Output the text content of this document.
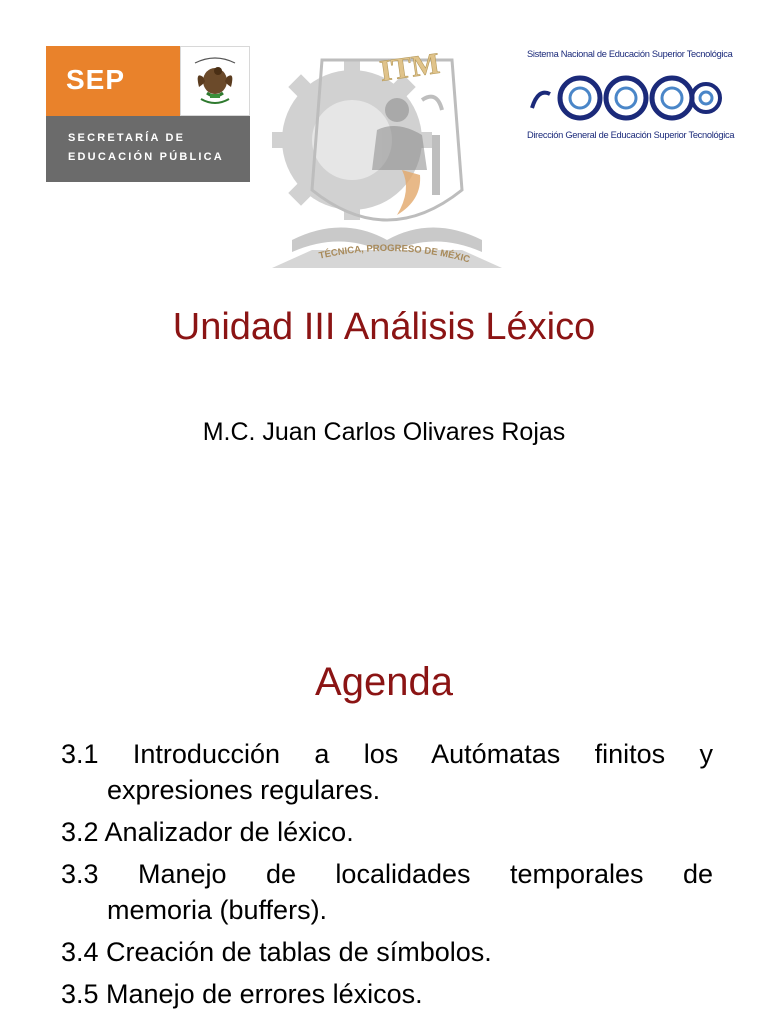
SEP
SECRETARÍA DE
EDUCACIÓN PÚBLICA
ITM
TÉCNICA, PROGRESO DE MÉXIC
Sistema Nacional de Educación Superior Tecnológica
Dirección General de Educación Superior Tecnológica
Unidad III Análisis Léxico
M.C. Juan Carlos Olivares Rojas
Agenda
3.1 Introducción a los Autómatas finitos y
expresiones regulares.
3.2 Analizador de léxico.
3.3 Manejo de localidades temporales de
memoria (buffers).
3.4 Creación de tablas de símbolos.
3.5 Manejo de errores léxicos.
